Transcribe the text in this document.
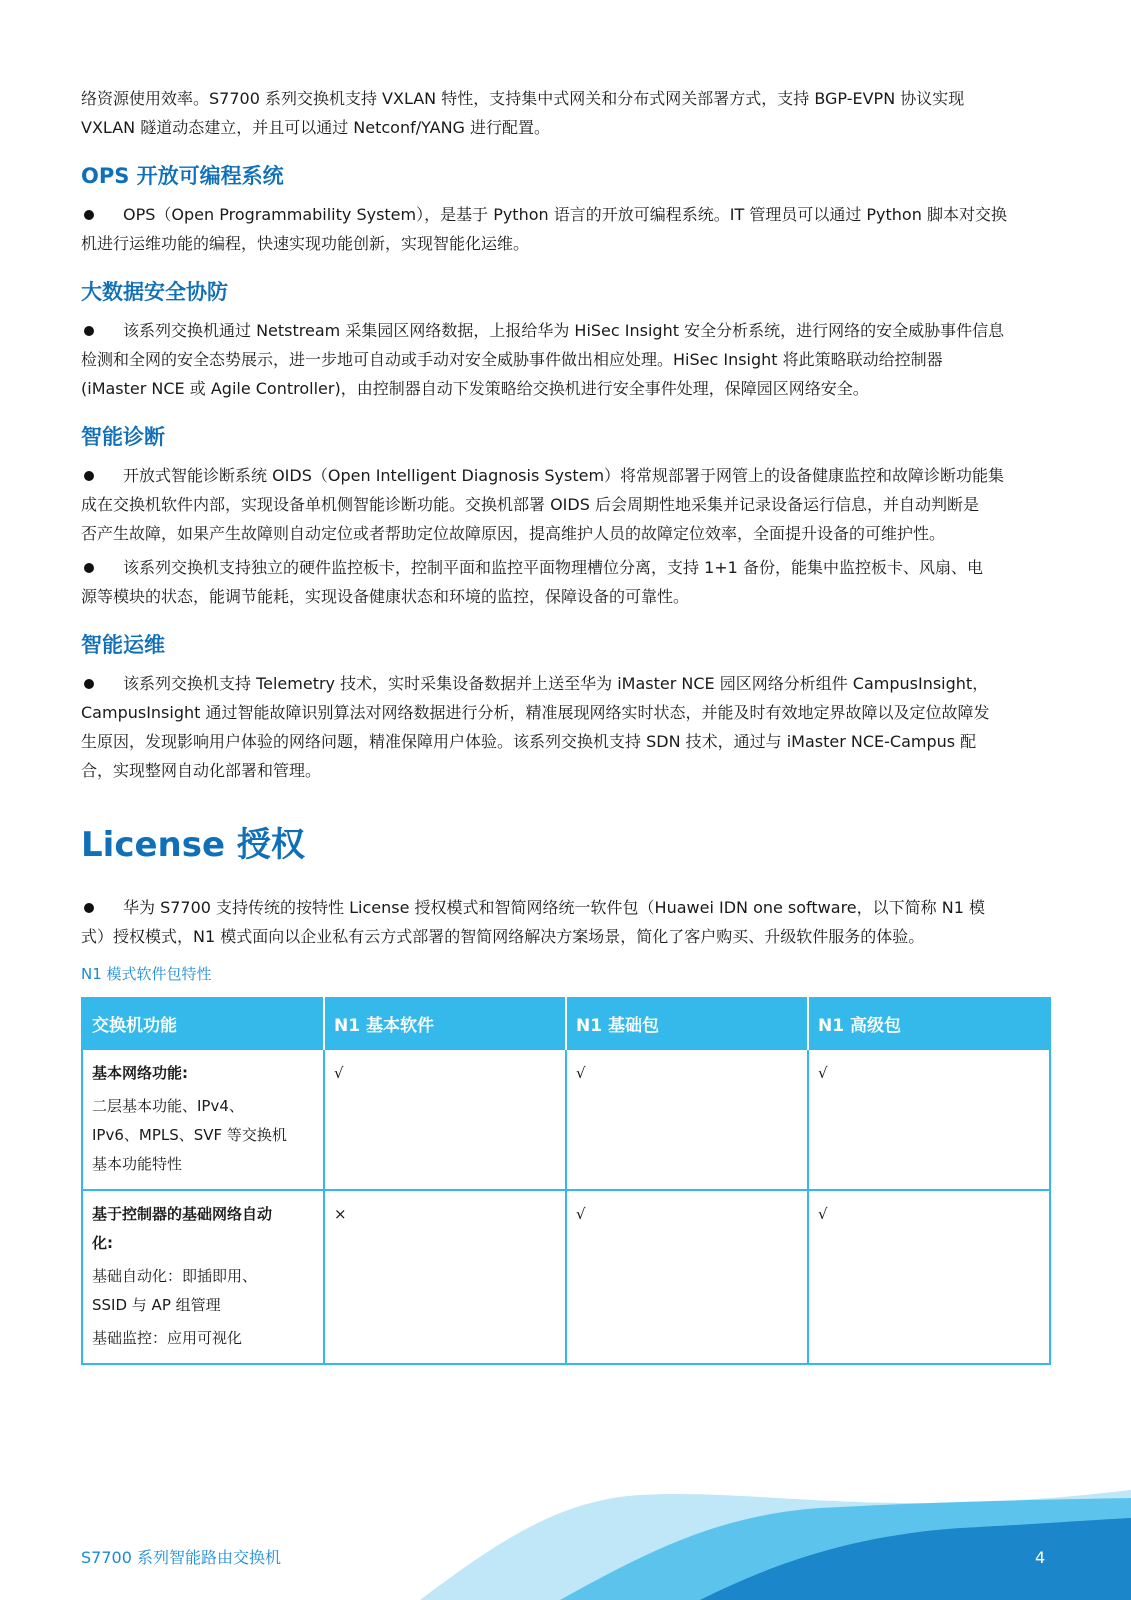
络资源使用效率。S7700 系列交换机支持 VXLAN 特性，支持集中式网关和分布式网关部署方式，支持 BGP-EVPN 协议实现
VXLAN 隧道动态建立，并且可以通过 Netconf/YANG 进行配置。

OPS 开放可编程系统
OPS（Open Programmability System），是基于 Python 语言的开放可编程系统。IT 管理员可以通过 Python 脚本对交换
机进行运维功能的编程，快速实现功能创新，实现智能化运维。
大数据安全协防
该系列交换机通过 Netstream 采集园区网络数据，上报给华为 HiSec Insight 安全分析系统，进行网络的安全威胁事件信息
检测和全网的安全态势展示，进一步地可自动或手动对安全威胁事件做出相应处理。HiSec Insight 将此策略联动给控制器
(iMaster NCE 或 Agile Controller)，由控制器自动下发策略给交换机进行安全事件处理，保障园区网络安全。
智能诊断
开放式智能诊断系统 OIDS（Open Intelligent Diagnosis System）将常规部署于网管上的设备健康监控和故障诊断功能集
成在交换机软件内部，实现设备单机侧智能诊断功能。交换机部署 OIDS 后会周期性地采集并记录设备运行信息，并自动判断是
否产生故障，如果产生故障则自动定位或者帮助定位故障原因，提高维护人员的故障定位效率，全面提升设备的可维护性。
该系列交换机支持独立的硬件监控板卡，控制平面和监控平面物理槽位分离，支持 1+1 备份，能集中监控板卡、风扇、电
源等模块的状态，能调节能耗，实现设备健康状态和环境的监控，保障设备的可靠性。
智能运维
该系列交换机支持 Telemetry 技术，实时采集设备数据并上送至华为 iMaster NCE 园区网络分析组件 CampusInsight，
CampusInsight 通过智能故障识别算法对网络数据进行分析，精准展现网络实时状态，并能及时有效地定界故障以及定位故障发
生原因，发现影响用户体验的网络问题，精准保障用户体验。该系列交换机支持 SDN 技术，通过与 iMaster NCE-Campus 配
合，实现整网自动化部署和管理。
License 授权
华为 S7700 支持传统的按特性 License 授权模式和智简网络统一软件包（Huawei IDN one software，以下简称 N1 模
式）授权模式，N1 模式面向以企业私有云方式部署的智简网络解决方案场景，简化了客户购买、升级软件服务的体验。
N1 模式软件包特性
交换机功能	N1 基本软件	N1 基础包	N1 高级包

基本网络功能:
二层基本功能、IPv4、
IPv6、MPLS、SVF 等交换机
基本功能特性	√	√	√

基于控制器的基础网络自动
化:
基础自动化：即插即用、
SSID 与 AP 组管理
基础监控：应用可视化	×	√	√
S7700 系列智能路由交换机	4
